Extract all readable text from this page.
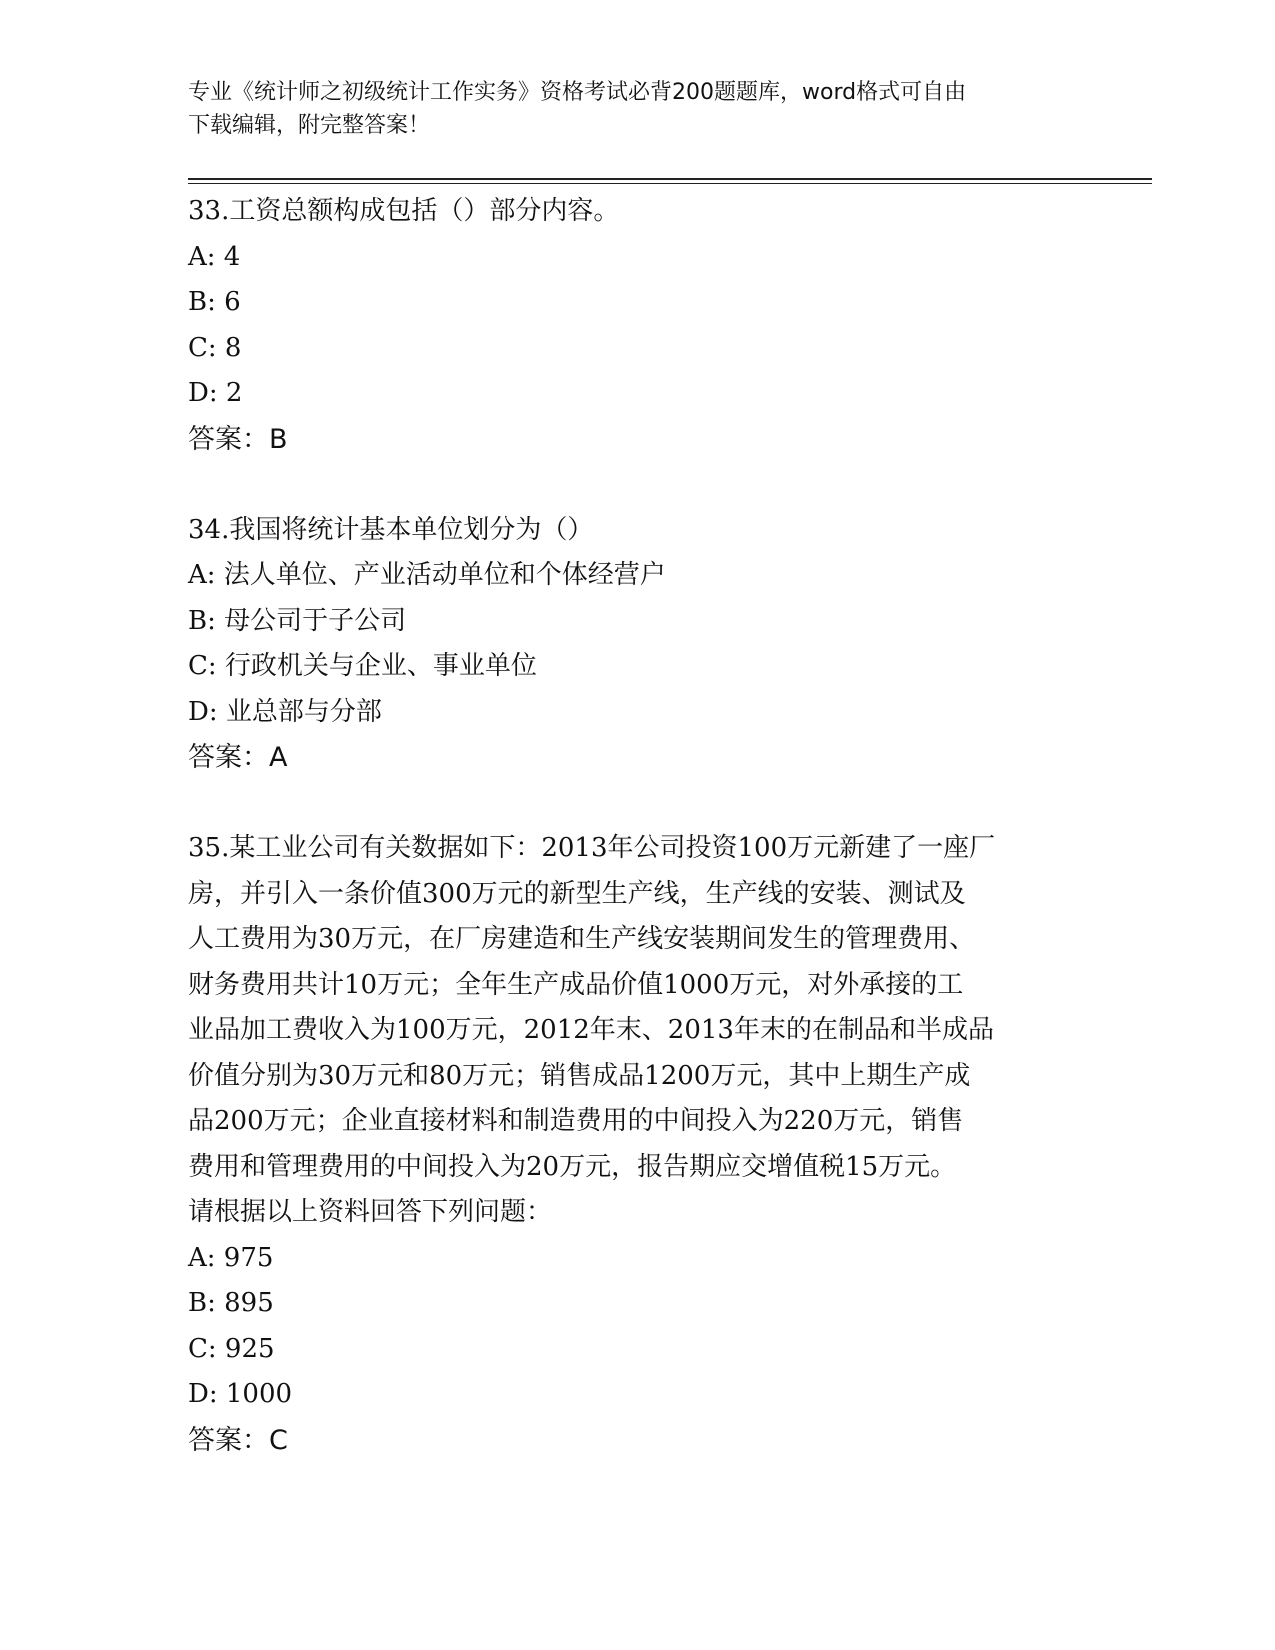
专业《统计师之初级统计工作实务》资格考试必背200题题库，word格式可自由
下载编辑，附完整答案！
33.工资总额构成包括（）部分内容。
A: 4
B: 6
C: 8
D: 2
答案：B
34.我国将统计基本单位划分为（）
A: 法人单位、产业活动单位和个体经营户
B: 母公司于子公司
C: 行政机关与企业、事业单位
D: 业总部与分部
答案：A
35.某工业公司有关数据如下：2013年公司投资100万元新建了一座厂
房，并引入一条价值300万元的新型生产线，生产线的安装、测试及
人工费用为30万元，在厂房建造和生产线安装期间发生的管理费用、
财务费用共计10万元；全年生产成品价值1000万元，对外承接的工
业品加工费收入为100万元，2012年末、2013年末的在制品和半成品
价值分别为30万元和80万元；销售成品1200万元，其中上期生产成
品200万元；企业直接材料和制造费用的中间投入为220万元，销售
费用和管理费用的中间投入为20万元，报告期应交增值税15万元。
请根据以上资料回答下列问题：
A: 975
B: 895
C: 925
D: 1000
答案：C
